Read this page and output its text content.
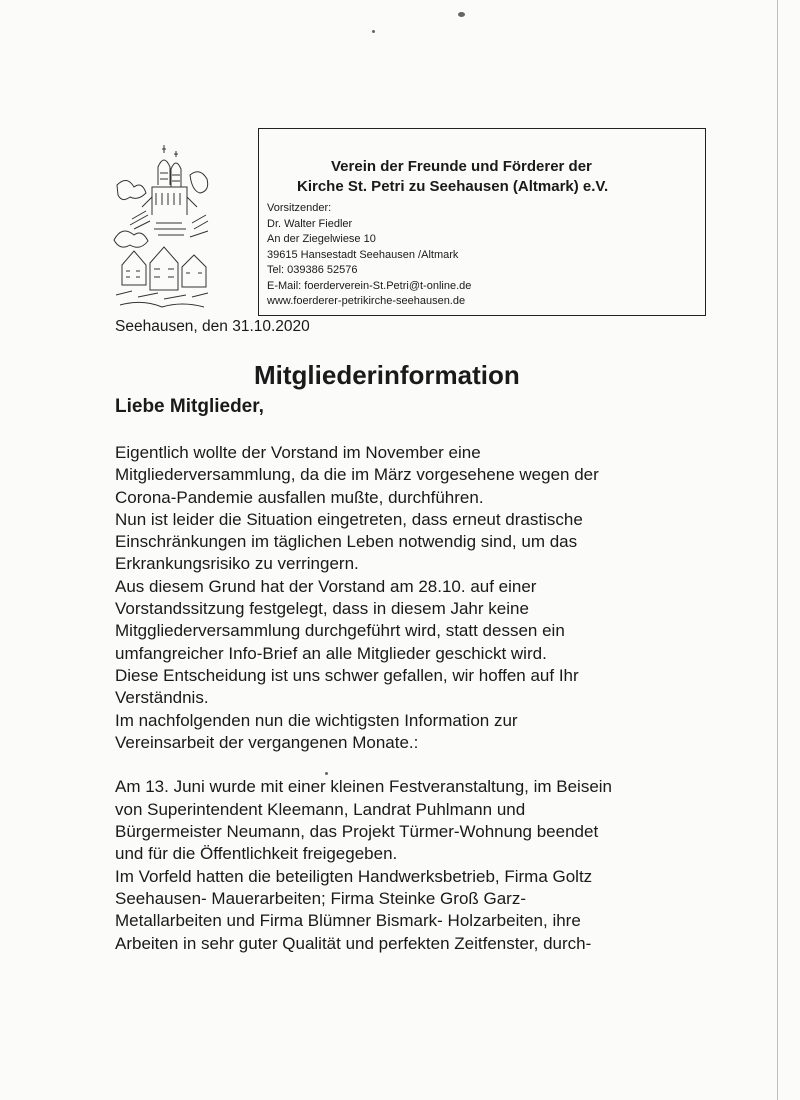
Verein der Freunde und Förderer der
Kirche St. Petri zu Seehausen (Altmark) e.V.
Vorsitzender:
Dr. Walter Fiedler
An der Ziegelwiese 10
39615 Hansestadt Seehausen /Altmark
Tel: 039386 52576
E-Mail: foerderverein-St.Petri@t-online.de
www.foerderer-petrikirche-seehausen.de
Seehausen, den 31.10.2020
Mitgliederinformation
Liebe Mitglieder,
Eigentlich wollte der Vorstand im November eine
Mitgliederversammlung, da die im März vorgesehene wegen der
Corona-Pandemie ausfallen mußte, durchführen.
Nun ist leider die Situation eingetreten, dass erneut drastische
Einschränkungen im täglichen Leben notwendig sind, um das
Erkrankungsrisiko zu verringern.
Aus diesem Grund hat der Vorstand am 28.10. auf einer
Vorstandssitzung festgelegt, dass in diesem Jahr keine
Mitggliederversammlung durchgeführt wird, statt dessen ein
umfangreicher Info-Brief an alle Mitglieder geschickt wird.
Diese Entscheidung ist uns schwer gefallen, wir hoffen auf Ihr
Verständnis.
Im nachfolgenden nun die wichtigsten Information zur
Vereinsarbeit der vergangenen Monate.:
Am 13. Juni wurde mit einer kleinen Festveranstaltung, im Beisein
von Superintendent Kleemann, Landrat Puhlmann und
Bürgermeister Neumann, das Projekt Türmer-Wohnung beendet
und für die Öffentlichkeit freigegeben.
Im Vorfeld hatten die beteiligten Handwerksbetrieb, Firma Goltz
Seehausen- Mauerarbeiten; Firma Steinke Groß Garz-
Metallarbeiten und Firma Blümner Bismark- Holzarbeiten, ihre
Arbeiten in sehr guter Qualität und perfekten Zeitfenster, durch-
